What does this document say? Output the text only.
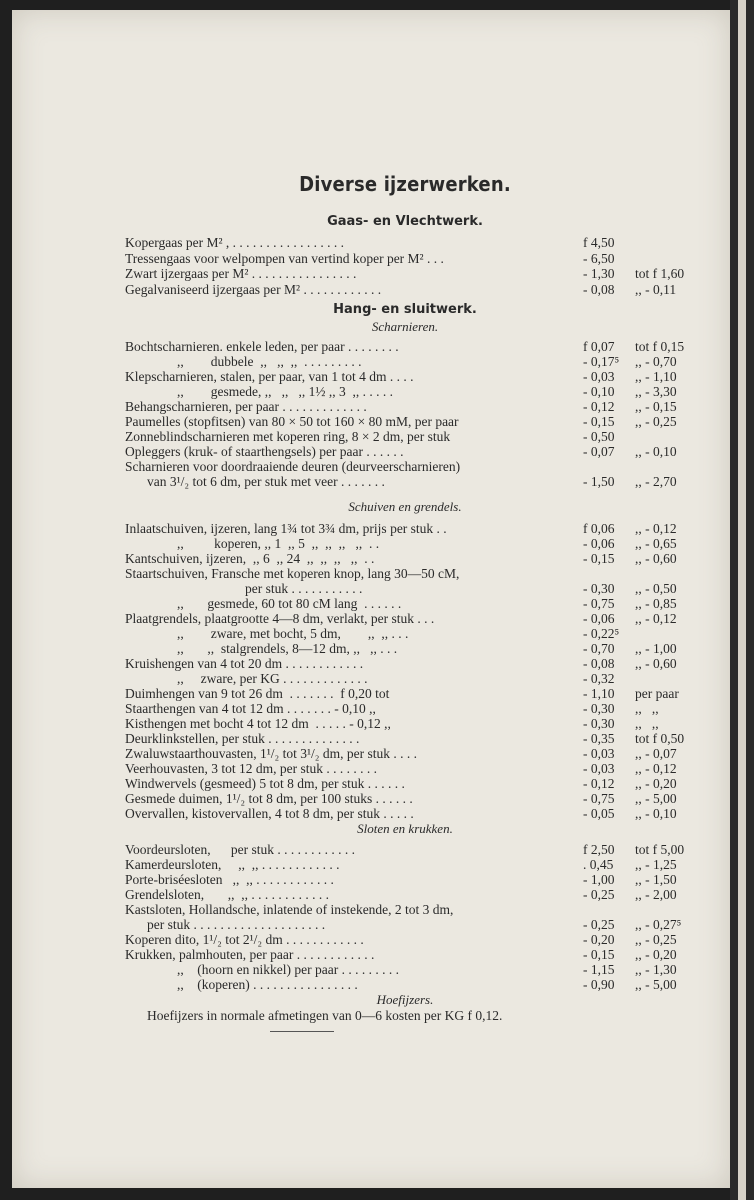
Diverse ijzerwerken.
Gaas- en Vlechtwerk.
Kopergaas per M² , . . . . . . . . . . . . . . . . .	f 4,50
Tressengaas voor welpompen van vertind koper per M² . . .	- 6,50
Zwart ijzergaas per M² . . . . . . . . . . . . . . . .	- 1,30 tot f 1,60
Gegalvaniseerd ijzergaas per M² . . . . . . . . . . . .	- 0,08 ,, - 0,11
Hang- en sluitwerk.
Scharnieren.
Bochtscharnieren. enkele leden, per paar . . . . . . . .	f 0,07 tot f 0,15
,,        dubbele  ,,   ,,  ,,  . . . . . . . . .	- 0,17⁵ ,, - 0,70
Klepscharnieren, stalen, per paar, van 1 tot 4 dm . . . .	- 0,03 ,, - 1,10
,,        gesmede, ,,   ,,   ,, 1½ ,, 3  ,, . . . . .	- 0,10 ,, - 3,30
Behangscharnieren, per paar . . . . . . . . . . . . .	- 0,12 ,, - 0,15
Paumelles (stopfitsen) van 80 × 50 tot 160 × 80 mM, per paar	- 0,15 ,, - 0,25
Zonneblindscharnieren met koperen ring, 8 × 2 dm, per stuk	- 0,50
Opleggers (kruk- of staarthengsels) per paar . . . . . .	- 0,07 ,, - 0,10
Scharnieren voor doordraaiende deuren (deurveerscharnieren)
van 3¹/₂ tot 6 dm, per stuk met veer . . . . . . .	- 1,50 ,, - 2,70
Schuiven en grendels.
Inlaatschuiven, ijzeren, lang 1¾ tot 3¾ dm, prijs per stuk . .	f 0,06 ,, - 0,12
,,         koperen, ,, 1  ,, 5  ,,  ,,  ,,   ,,  . .	- 0,06 ,, - 0,65
Kantschuiven, ijzeren,  ,, 6  ,, 24  ,,  ,,  ,,   ,,  . .	- 0,15 ,, - 0,60
Staartschuiven, Fransche met koperen knop, lang 30—50 cM,
per stuk . . . . . . . . . . .	- 0,30 ,, - 0,50
,,       gesmede, 60 tot 80 cM lang  . . . . . .	- 0,75 ,, - 0,85
Plaatgrendels, plaatgrootte 4—8 dm, verlakt, per stuk . . .	- 0,06 ,, - 0,12
,,        zware, met bocht, 5 dm,        ,,  ,, . . .	- 0,22⁵
,,       ,,  stalgrendels, 8—12 dm, ,,   ,, . . .	- 0,70 ,, - 1,00
Kruishengen van 4 tot 20 dm . . . . . . . . . . . .	- 0,08 ,, - 0,60
,,     zware, per KG . . . . . . . . . . . . .	- 0,32
Duimhengen van 9 tot 26 dm  . . . . . . .  f 0,20 tot	- 1,10 per paar
Staarthengen van 4 tot 12 dm . . . . . . . - 0,10 ,,	- 0,30 ,,   ,,
Kisthengen met bocht 4 tot 12 dm  . . . . . - 0,12 ,,	- 0,30 ,,   ,,
Deurklinkstellen, per stuk . . . . . . . . . . . . . .	- 0,35 tot f 0,50
Zwaluwstaarthouvasten, 1¹/₂ tot 3¹/₂ dm, per stuk . . . .	- 0,03 ,, - 0,07
Veerhouvasten, 3 tot 12 dm, per stuk . . . . . . . .	- 0,03 ,, - 0,12
Windwervels (gesmeed) 5 tot 8 dm, per stuk . . . . . .	- 0,12 ,, - 0,20
Gesmede duimen, 1¹/₂ tot 8 dm, per 100 stuks . . . . . .	- 0,75 ,, - 5,00
Overvallen, kistovervallen, 4 tot 8 dm, per stuk . . . . .	- 0,05 ,, - 0,10
Sloten en krukken.
Voordeursloten,      per stuk . . . . . . . . . . . .	f 2,50 tot f 5,00
Kamerdeursloten,     ,,  ,, . . . . . . . . . . . .	. 0,45 ,, - 1,25
Porte-briséesloten   ,,  ,, . . . . . . . . . . . .	- 1,00 ,, - 1,50
Grendelsloten,       ,,  ,, . . . . . . . . . . . .	- 0,25 ,, - 2,00
Kastsloten, Hollandsche, inlatende of instekende, 2 tot 3 dm,
per stuk . . . . . . . . . . . . . . . . . . . .	- 0,25 ,, - 0,27⁵
Koperen dito, 1¹/₂ tot 2¹/₂ dm . . . . . . . . . . . .	- 0,20 ,, - 0,25
Krukken, palmhouten, per paar . . . . . . . . . . . .	- 0,15 ,, - 0,20
,,    (hoorn en nikkel) per paar . . . . . . . . .	- 1,15 ,, - 1,30
,,    (koperen) . . . . . . . . . . . . . . . .	- 0,90 ,, - 5,00
Hoefijzers.
Hoefijzers in normale afmetingen van 0—6 kosten per KG f 0,12.
